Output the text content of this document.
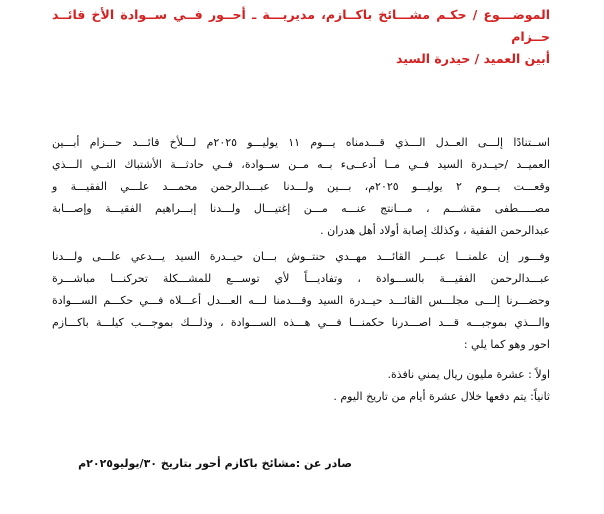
الموضـــوع / حكـم مشـــائخ باكــازم، مديريـــة ـ أحــور فــي ســوادة الأخ قائــد حــزام
أبين العميد / حيدرة السيد
اســتنادًا إلـــى العــدل الـــذي قـــدمناه يـــوم ١١ يوليـــو ٢٠٢٥م لـــلأخ قائـــد حـــزام أبـــين
العميــد /حيــدرة السيد فــي مــا أدعــىء بــه مــن ســوادة، فــي حادثـــة الأشتباك التــي الـــذي
وقعـــت يـــوم ٢ يوليـــو ٢٠٢٥م، بـــين ولـــدنا عبـــدالرحمن محمـــد علـــي الفقيـــة و
مصـــــطفى مقشـــم ، مـــانتج عنـــه مـــن إغتيـــال ولـــدنا إبـــراهيم الفقيـــة وإصـــابة
عبدالرحمن الفقية ، وكذلك إصابة أولاد أهل هدران .
وفـــور إن علمنـــا عبـــر القائـــد مهــدي حنتــوش بـــان حيــدرة السيد يـــدعي علـــى ولـــدنا
عبـــدالرحمن الفقيـــة بالســـوادة ، وتفاديـــاً لأي توســـع للمشـــكلة تحركنـــا مباشـــرة
وحضـــرنا إلـــى مجلـــس القائـــد حيــدرة السيد وقـــدمنا لـــه العـــدل أعـــلاه فـــي حكـــم الســـوادة
والـــذي بموجبـــه قـــد اصـــدرنا حكمنـــا فـــي هـــذه الســـوادة ، وذلـــك بموجـــب كيلـــة باكـــازم
احور وهو كما يلي :
اولاً : عشرة مليون ريال يمني نافذة.
ثانياً: يتم دفعها خلال عشرة أيام من تاريخ اليوم .
صادر عن :مشائخ باكازم أحور بتاريخ ٣٠/يوليو٢٠٢٥م
